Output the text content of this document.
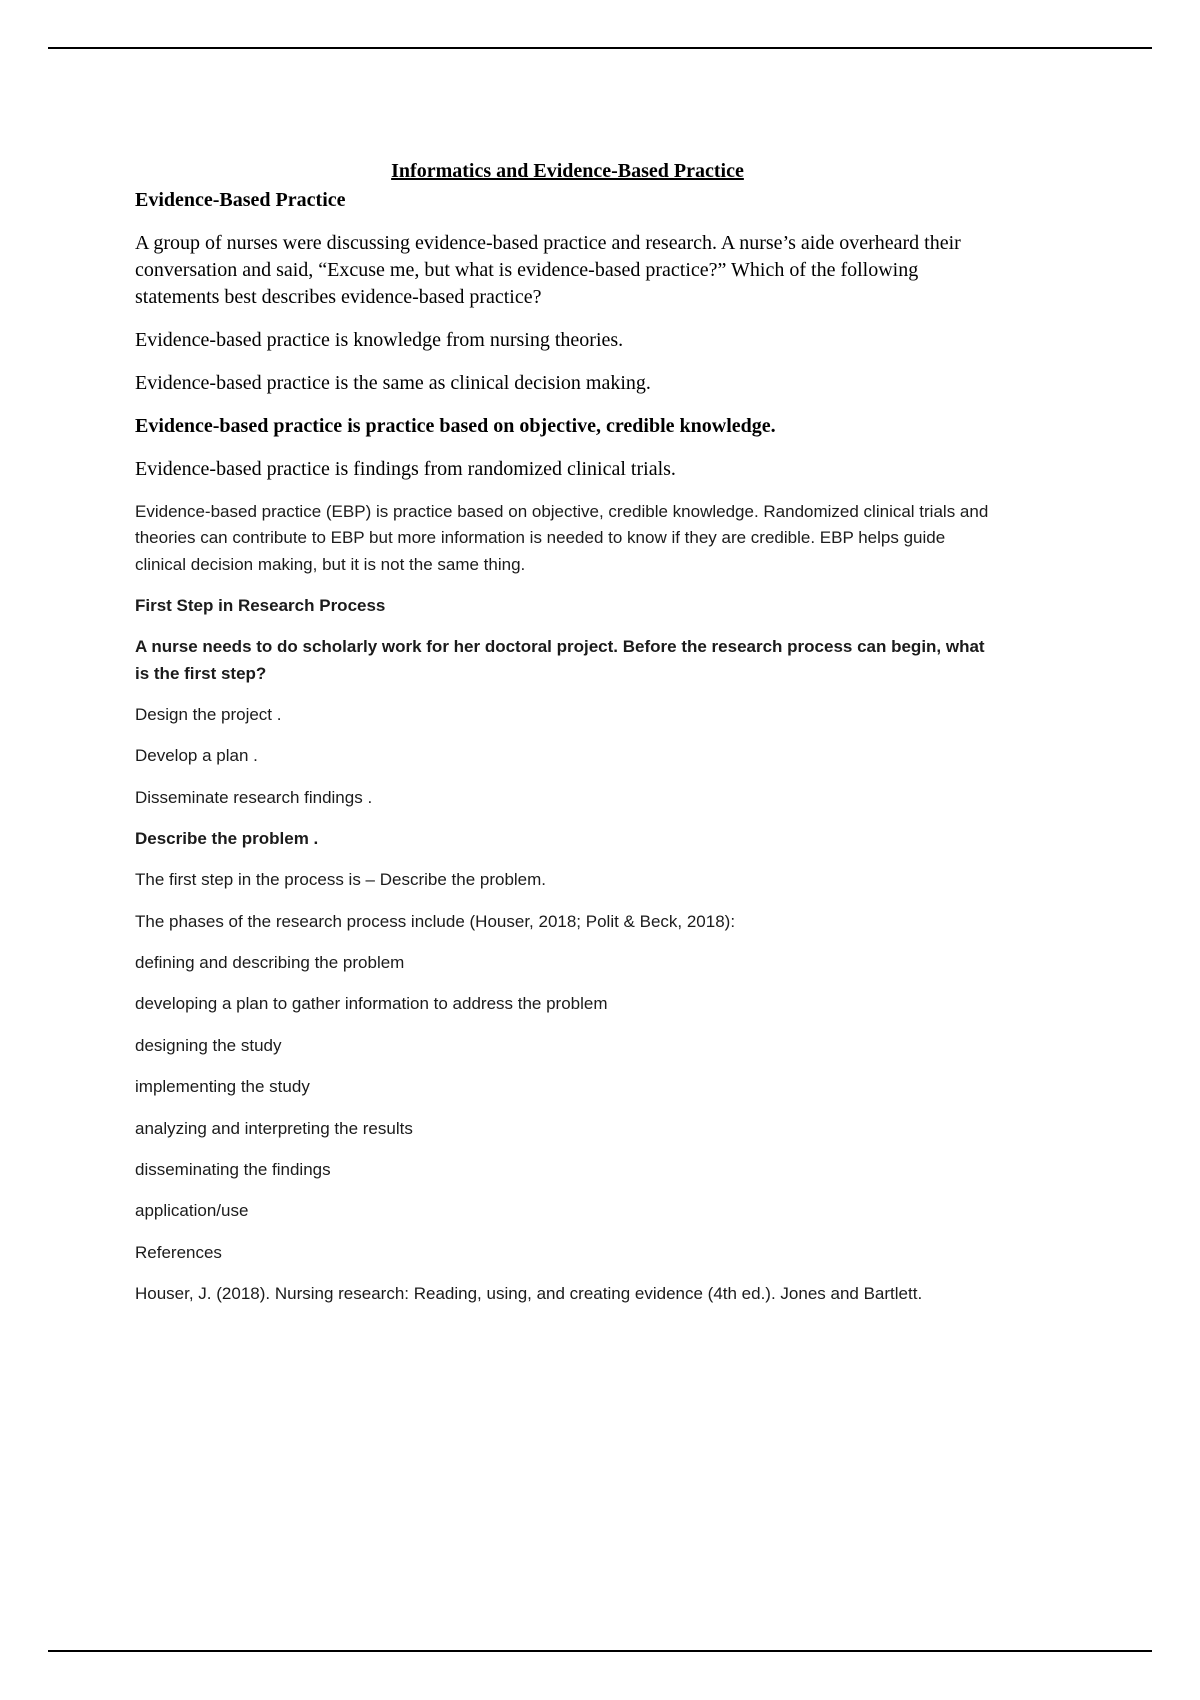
Informatics and Evidence-Based Practice

Evidence-Based Practice

A group of nurses were discussing evidence-based practice and research. A nurse’s aide overheard their conversation and said, “Excuse me, but what is evidence-based practice?” Which of the following statements best describes evidence-based practice?

Evidence-based practice is knowledge from nursing theories.

Evidence-based practice is the same as clinical decision making.

Evidence-based practice is practice based on objective, credible knowledge.

Evidence-based practice is findings from randomized clinical trials.

Evidence-based practice (EBP) is practice based on objective, credible knowledge. Randomized clinical trials and theories can contribute to EBP but more information is needed to know if they are credible. EBP helps guide clinical decision making, but it is not the same thing.

First Step in Research Process

A nurse needs to do scholarly work for her doctoral project. Before the research process can begin, what is the first step?

Design the project .

Develop a plan .

Disseminate research findings .

Describe the problem .

The first step in the process is – Describe the problem.

The phases of the research process include (Houser, 2018; Polit & Beck, 2018):

defining and describing the problem

developing a plan to gather information to address the problem

designing the study

implementing the study

analyzing and interpreting the results

disseminating the findings

application/use

References

Houser, J. (2018). Nursing research: Reading, using, and creating evidence (4th ed.). Jones and Bartlett.
